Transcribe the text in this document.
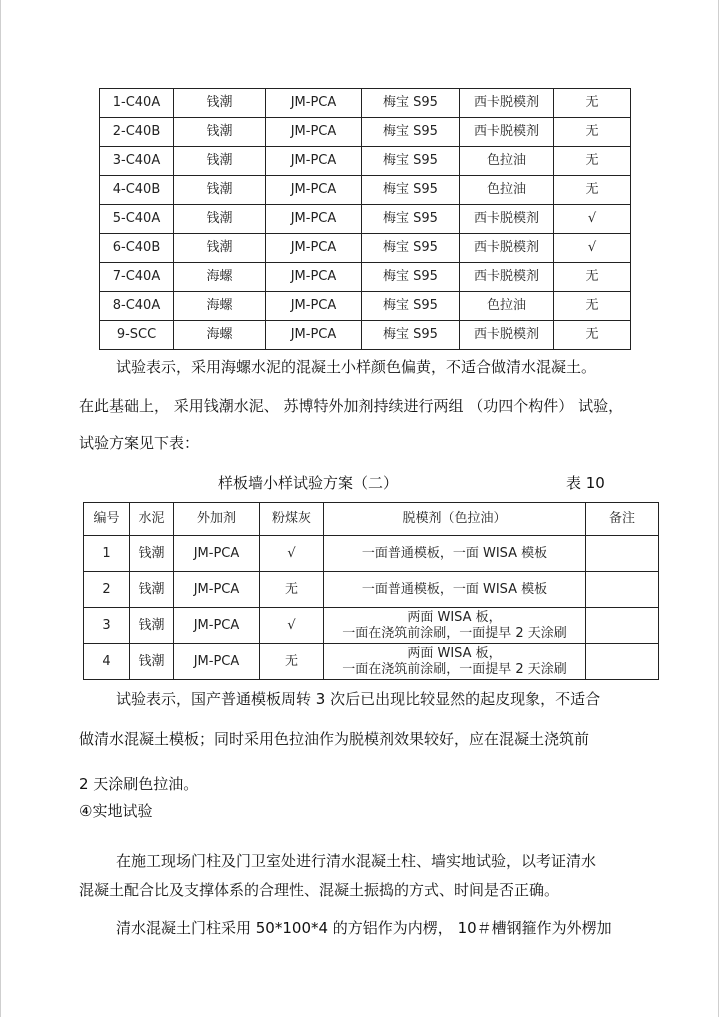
1-C40A	钱潮	JM-PCA	梅宝 S95	西卡脱模剂	无
2-C40B	钱潮	JM-PCA	梅宝 S95	西卡脱模剂	无
3-C40A	钱潮	JM-PCA	梅宝 S95	色拉油	无
4-C40B	钱潮	JM-PCA	梅宝 S95	色拉油	无
5-C40A	钱潮	JM-PCA	梅宝 S95	西卡脱模剂	√
6-C40B	钱潮	JM-PCA	梅宝 S95	西卡脱模剂	√
7-C40A	海螺	JM-PCA	梅宝 S95	西卡脱模剂	无
8-C40A	海螺	JM-PCA	梅宝 S95	色拉油	无
9-SCC	海螺	JM-PCA	梅宝 S95	西卡脱模剂	无

试验表示，采用海螺水泥的混凝土小样颜色偏黄，不适合做清水混凝土。

在此基础上， 采用钱潮水泥、 苏博特外加剂持续进行两组 （功四个构件） 试验，

试验方案见下表：

样板墙小样试验方案（二）	表 10
编号	水泥	外加剂	粉煤灰	脱模剂（色拉油）	备注
1	钱潮	JM-PCA	√	一面普通模板，一面 WISA 模板	

2	钱潮	JM-PCA	无	一面普通模板，一面 WISA 模板	

3	钱潮	JM-PCA	√	两面 WISA 板，
一面在浇筑前涂刷，一面提早 2 天涂刷	

4	钱潮	JM-PCA	无	两面 WISA 板，
一面在浇筑前涂刷，一面提早 2 天涂刷	

试验表示，国产普通模板周转 3 次后已出现比较显然的起皮现象，不适合

做清水混凝土模板；同时采用色拉油作为脱模剂效果较好，应在混凝土浇筑前

2 天涂刷色拉油。

④实地试验

在施工现场门柱及门卫室处进行清水混凝土柱、墙实地试验，以考证清水

混凝土配合比及支撑体系的合理性、混凝土振捣的方式、时间是否正确。

清水混凝土门柱采用 50*100*4 的方铝作为内楞， 10＃槽钢箍作为外楞加
